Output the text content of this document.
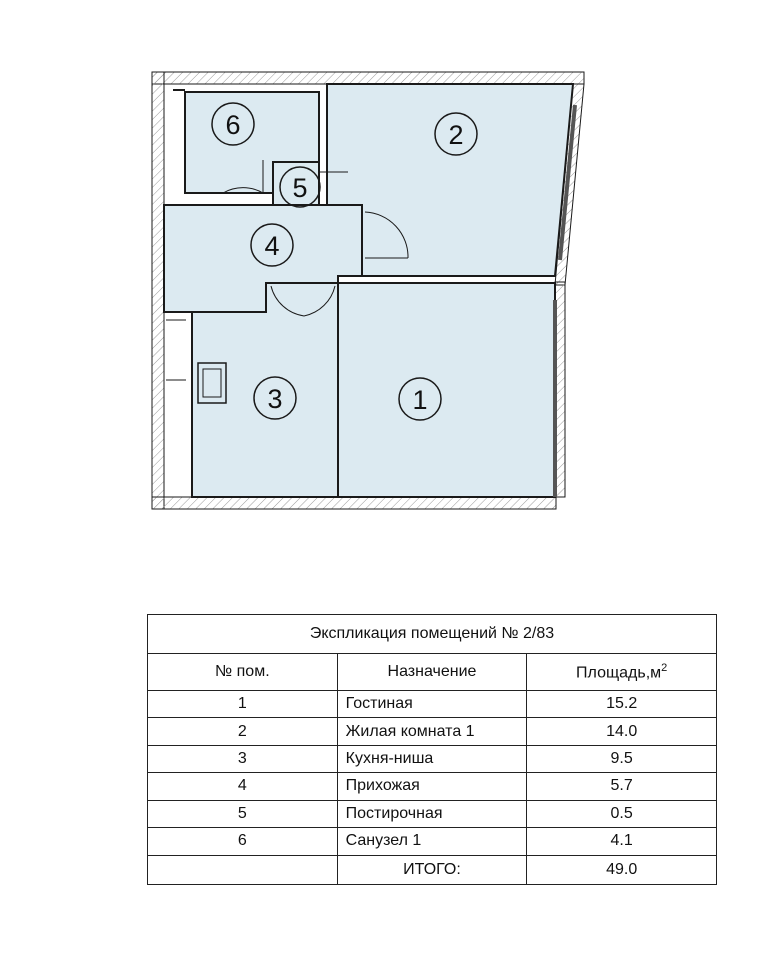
1
2
3
4
5
6
Экспликация помещений № 2/83		
№ пом.	Назначение	$Площадь,м^2$
1	Гостиная	15.2
2	Жилая комната 1	14.0
3	Кухня-ниша	9.5
4	Прихожая	5.7
5	Постирочная	0.5
6	Санузел 1	4.1
	ИТОГО:	49.0
